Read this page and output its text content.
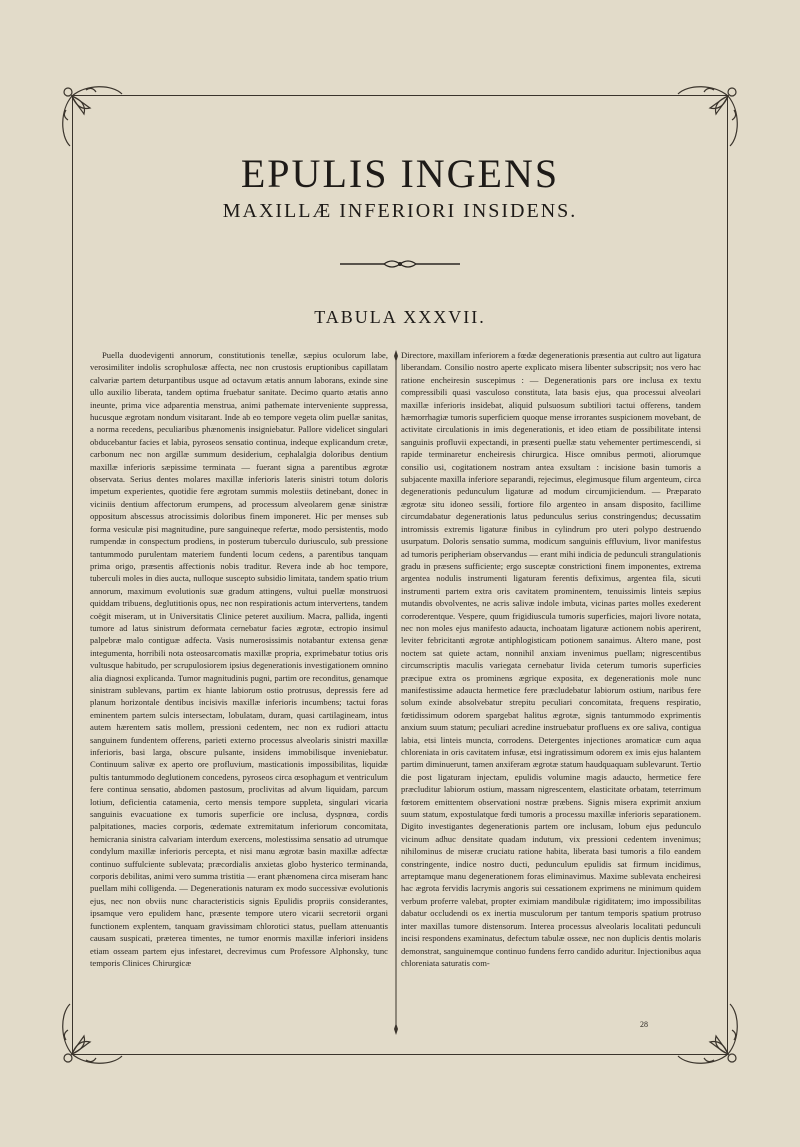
EPULIS INGENS
MAXILLÆ INFERIORI INSIDENS.
TABULA XXXVII.
Puella duodevigenti annorum, constitutionis tenellæ, sæpius oculorum labe, verosimiliter indolis scrophulosæ affecta, nec non crustosis eruptionibus capillatam calvariæ partem deturpantibus usque ad octavum ætatis annum laborans, exinde sine ullo auxilio liberata, tandem optima fruebatur sanitate. Decimo quarto ætatis anno ineunte, prima vice adparentia menstrua, animi pathemate interveniente suppressa, hucusque ægrotam nondum visitarant. Inde ab eo tempore vegeta olim puellæ sanitas, a norma recedens, peculiaribus phænomenis insigniebatur. Pallore videlicet singulari obducebantur facies et labia, pyroseos sensatio continua, indeque explicandum cretæ, carbonum nec non argillæ summum desiderium, cephalalgia doloribus dentium maxillæ inferioris sæpissime terminata — fuerant signa a parentibus ægrotæ observata. Serius dentes molares maxillæ inferioris lateris sinistri totum doloris impetum experientes, quotidie fere ægrotam summis molestiis detinebant, donec in viciniis dentium affectorum erumpens, ad processum alveolarem genæ sinistræ oppositum abscessus atrocissimis doloribus finem imponeret. Hic per menses sub forma vesiculæ pisi magnitudine, pure sanguineque refertæ, modo persistentis, modo rumpendæ in conspectum prodiens, in posterum tuberculo duriusculo, sub pressione tantummodo purulentam materiem fundenti locum cedens, a parentibus tanquam prima origo, præsentis affectionis nobis traditur. Revera inde ab hoc tempore, tuberculi moles in dies aucta, nulloque suscepto subsidio limitata, tandem spatio trium annorum, maximum evolutionis suæ gradum attingens, vultui puellæ monstruosi quiddam tribuens, deglutitionis opus, nec non respirationis actum intervertens, tandem coëgit miseram, ut in Universitatis Clinice peteret auxilium. Macra, pallida, ingenti tumore ad latus sinistrum deformata cernebatur facies ægrotæ, ectropio insimul palpebræ malo contiguæ adfecta. Vasis numerosissimis notabantur extensa genæ integumenta, horribili nota osteosarcomatis maxillæ propria, exprimebatur totius oris vultusque habitudo, per scrupulosiorem ipsius degenerationis investigationem omnino alia diagnosi explicanda. Tumor magnitudinis pugni, partim ore reconditus, genamque sinistram sublevans, partim ex hiante labiorum ostio protrusus, depressis fere ad planum horizontale dentibus incisivis maxillæ inferioris incumbens; tactui foras eminentem partem sulcis intersectam, lobulatam, duram, quasi cartilagineam, intus autem hærentem satis mollem, pressioni cedentem, nec non ex rudiori attactu sanguinem fundentem offerens, parieti externo processus alveolaris sinistri maxillæ inferioris, basi larga, obscure pulsante, insidens immobilisque inveniebatur. Continuum salivæ ex aperto ore profluvium, masticationis impossibilitas, liquidæ pultis tantummodo deglutionem concedens, pyroseos circa œsophagum et ventriculum fere continua sensatio, abdomen pastosum, proclivitas ad alvum liquidam, parcum lotium, deficientia catamenia, certo mensis tempore suppleta, singulari vicaria sanguinis evacuatione ex tumoris superficie ore inclusa, dyspnœa, cordis palpitationes, macies corporis, œdemate extremitatum inferiorum concomitata, hemicrania sinistra calvariam interdum exercens, molestissima sensatio ad utrumque condylum maxillæ inferioris percepta, et nisi manu ægrotæ basin maxillæ adfectæ continuo suffulciente sublevata; præcordialis anxietas globo hysterico terminanda, corporis debilitas, animi vero summa tristitia — erant phænomena circa miseram hanc puellam mihi colligenda. — Degenerationis naturam ex modo successivæ evolutionis ejus, nec non obviis nunc characteristicis signis Epulidis propriis considerantes, ipsamque vero epulidem hanc, præsente tempore utero vicarii secretorii organi functionem explentem, tanquam gravissimam chlorotici status, puellam attenuantis causam suspicati, præterea timentes, ne tumor enormis maxillæ inferiori insidens etiam osseam partem ejus infestaret, decrevimus cum Professore Alphonsky, tunc temporis Clinices Chirurgicæ
Directore, maxillam inferiorem a fœdæ degenerationis præsentia aut cultro aut ligatura liberandam. Consilio nostro aperte explicato misera libenter subscripsit; nos vero hac ratione encheiresin suscepimus : — Degenerationis pars ore inclusa ex textu compressibili quasi vasculoso constituta, lata basis ejus, qua processui alveolari maxillæ inferioris insidebat, aliquid pulsuosum subtiliori tactui offerens, tandem hæmorrhagiæ tumoris superficiem quoque mense irrorantes suspicionem movebant, de activitate circulationis in imis degenerationis, et ideo etiam de possibilitate intensi sanguinis profluvii expectandi, in præsenti puellæ statu vehementer pertimescendi, si rapide terminaretur encheiresis chirurgica. Hisce omnibus permoti, aliorumque consilio usi, cogitationem nostram antea exsultam : incisione basin tumoris a subjacente maxilla inferiore separandi, rejecimus, elegimusque filum argenteum, circa degenerationis pedunculum ligaturæ ad modum circumjiciendum. — Præparato ægrotæ situ idoneo sessili, fortiore filo argenteo in ansam disposito, facillime circumdabatur degenerationis latus pedunculus serius constringendus; decussatim intromissis extremis ligaturæ finibus in cylindrum pro uteri polypo destruendo usurpatum. Doloris sensatio summa, modicum sanguinis effluvium, livor manifestus ad tumoris peripheriam observandus — erant mihi indicia de pedunculi strangulationis gradu in præsens sufficiente; ergo susceptæ constrictioni finem imponentes, extrema argentea nodulis instrumenti ligaturam ferentis defiximus, argentea fila, sicuti instrumenti partem extra oris cavitatem prominentem, tenuissimis linteis sæpius mutandis obvolventes, ne acris salivæ indole imbuta, vicinas partes molles exederent corroderentque. Vespere, quum frigidiuscula tumoris superficies, majori livore notata, nec non moles ejus manifesto adaucta, inchoatam ligaturæ actionem nobis aperirent, leviter febricitanti ægrotæ antiphlogisticam potionem sanaimus. Altero mane, post noctem sat quiete actam, nonnihil anxiam invenimus puellam; nigrescentibus circumscriptis maculis variegata cernebatur livida ceterum tumoris superficies præcipue extra os prominens ægrique exposita, ex degenerationis mole nunc manifestissime adaucta hermetice fere præcludebatur labiorum ostium, naribus fere solum exinde absolvebatur strepitu peculiari concomitata, frequens respiratio, fœtidissimum odorem spargebat halitus ægrotæ, signis tantummodo exprimentis anxium suum statum; peculiari acredine instruebatur profluens ex ore saliva, contigua labia, etsi linteis muncta, corrodens. Detergentes injectiones aromaticæ cum aqua chloreniata in oris cavitatem infusæ, etsi ingratissimum odorem ex imis ejus halantem partim diminuerunt, tamen anxiferam ægrotæ statum haudquaquam sublevarunt. Tertio die post ligaturam injectam, epulidis volumine magis adaucto, hermetice fere præcluditur labiorum ostium, massam nigrescentem, elasticitate orbatam, teterrimum fœtorem emittentem observationi nostræ præbens. Signis misera exprimit anxium suum statum, expostulatque fœdi tumoris a processu maxillæ inferioris separationem. Digito investigantes degenerationis partem ore inclusam, lobum ejus pedunculo vicinum adhuc densitate quadam indutum, vix pressioni cedentem invenimus; nihilominus de miseræ cruciatu ratione habita, liberata basi tumoris a filo eandem constringente, indice nostro ducti, pedunculum epulidis sat firmum incidimus, arreptamque manu degenerationem foras eliminavimus. Maxime sublevata encheiresi hac ægrota fervidis lacrymis angoris sui cessationem exprimens ne minimum quidem verbum proferre valebat, propter eximiam mandibulæ rigiditatem; imo impossibilitas dabatur occludendi os ex inertia musculorum per tantum temporis spatium protruso inter maxillas tumore distensorum. Interea processus alveolaris localitati pedunculi incisi respondens examinatus, defectum tabulæ osseæ, nec non duplicis dentis molaris demonstrat, sanguinemque continuo fundens ferro candido aduritur. Injectionibus aqua chloreniata saturatis com-
28
